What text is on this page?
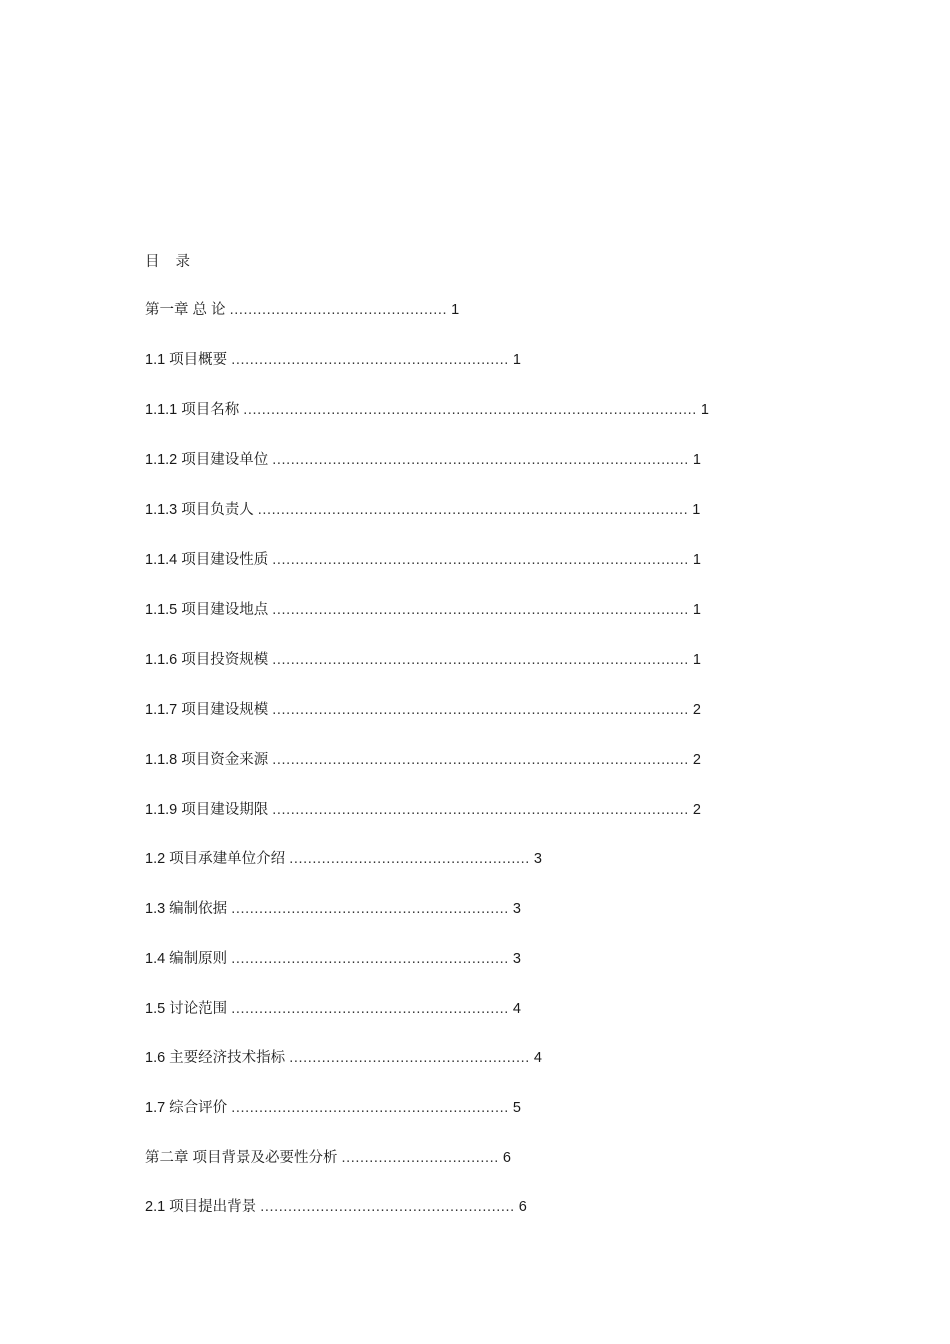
目 录
第一章 总 论 ............................................... 1
1.1 项目概要 ............................................................ 1
1.1.1 项目名称 .................................................................................................. 1
1.1.2 项目建设单位 .......................................................................................... 1
1.1.3 项目负责人 ............................................................................................. 1
1.1.4 项目建设性质 .......................................................................................... 1
1.1.5 项目建设地点 .......................................................................................... 1
1.1.6 项目投资规模 .......................................................................................... 1
1.1.7 项目建设规模 .......................................................................................... 2
1.1.8 项目资金来源 .......................................................................................... 2
1.1.9 项目建设期限 .......................................................................................... 2
1.2 项目承建单位介绍 .................................................... 3
1.3 编制依据 ............................................................ 3
1.4 编制原则 ............................................................ 3
1.5 讨论范围 ............................................................ 4
1.6 主要经济技术指标 .................................................... 4
1.7 综合评价 ............................................................ 5
第二章 项目背景及必要性分析 .................................. 6
2.1 项目提出背景 ....................................................... 6
